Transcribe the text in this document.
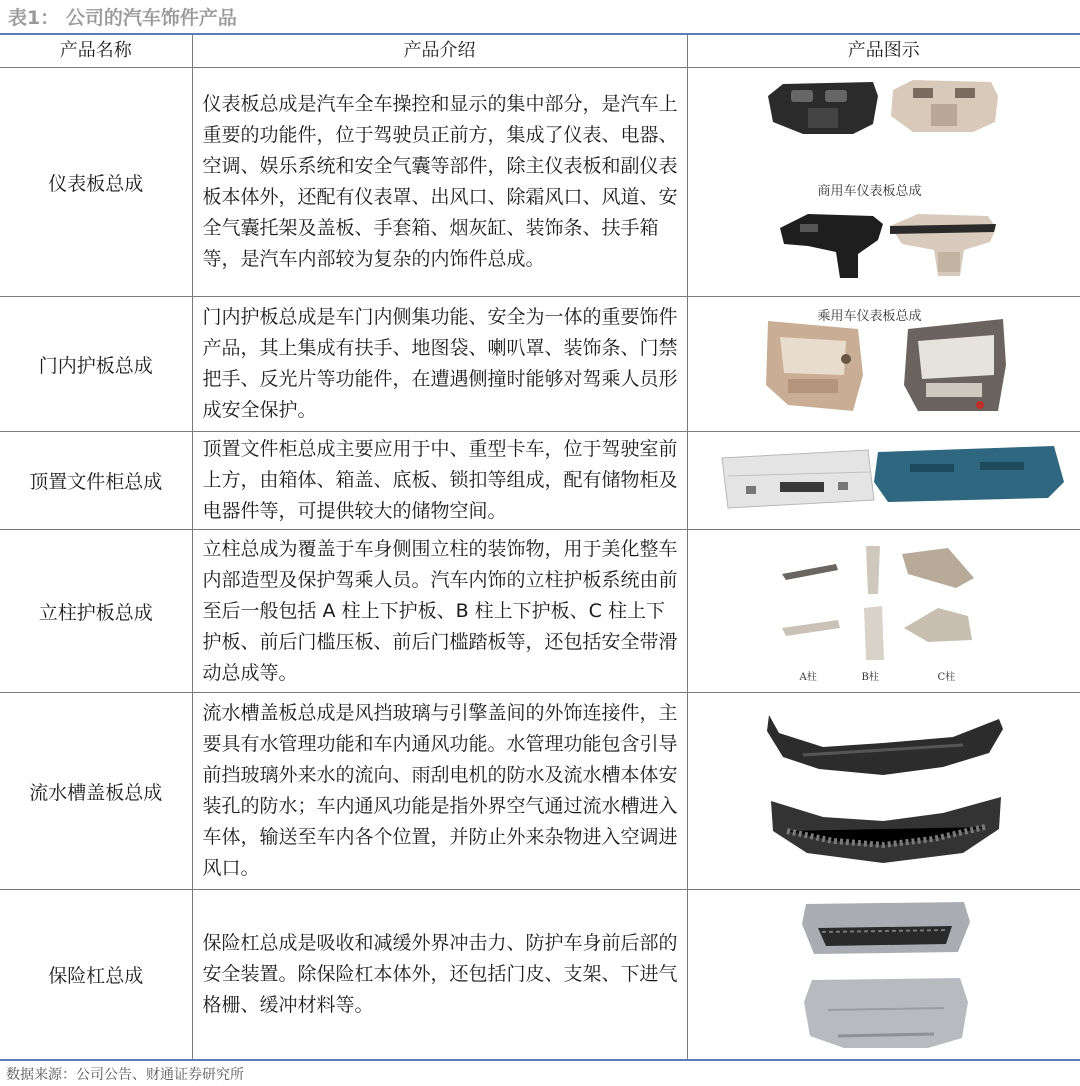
表1： 公司的汽车饰件产品
产品名称	产品介绍	产品图示
仪表板总成	仪表板总成是汽车全车操控和显示的集中部分，是汽车上重要的功能件，位于驾驶员正前方，集成了仪表、电器、空调、娱乐系统和安全气囊等部件，除主仪表板和副仪表板本体外，还配有仪表罩、出风口、除霜风口、风道、安全气囊托架及盖板、手套箱、烟灰缸、装饰条、扶手箱等，是汽车内部较为复杂的内饰件总成。	商用车仪表板总成
乘用车仪表板总成

门内护板总成	门内护板总成是车门内侧集功能、安全为一体的重要饰件产品，其上集成有扶手、地图袋、喇叭罩、装饰条、门禁把手、反光片等功能件，在遭遇侧撞时能够对驾乘人员形成安全保护。	

顶置文件柜总成	顶置文件柜总成主要应用于中、重型卡车，位于驾驶室前上方，由箱体、箱盖、底板、锁扣等组成，配有储物柜及电器件等，可提供较大的储物空间。	

立柱护板总成	立柱总成为覆盖于车身侧围立柱的装饰物，用于美化整车内部造型及保护驾乘人员。汽车内饰的立柱护板系统由前至后一般包括 A 柱上下护板、B 柱上下护板、C 柱上下护板、前后门槛压板、前后门槛踏板等，还包括安全带滑动总成等。	A柱 B柱 C柱

流水槽盖板总成	流水槽盖板总成是风挡玻璃与引擎盖间的外饰连接件，主要具有水管理功能和车内通风功能。水管理功能包含引导前挡玻璃外来水的流向、雨刮电机的防水及流水槽本体安装孔的防水；车内通风功能是指外界空气通过流水槽进入车体，输送至车内各个位置，并防止外来杂物进入空调进风口。	

保险杠总成	保险杠总成是吸收和减缓外界冲击力、防护车身前后部的安全装置。除保险杠本体外，还包括门皮、支架、下进气格栅、缓冲材料等。	
数据来源：公司公告、财通证券研究所
